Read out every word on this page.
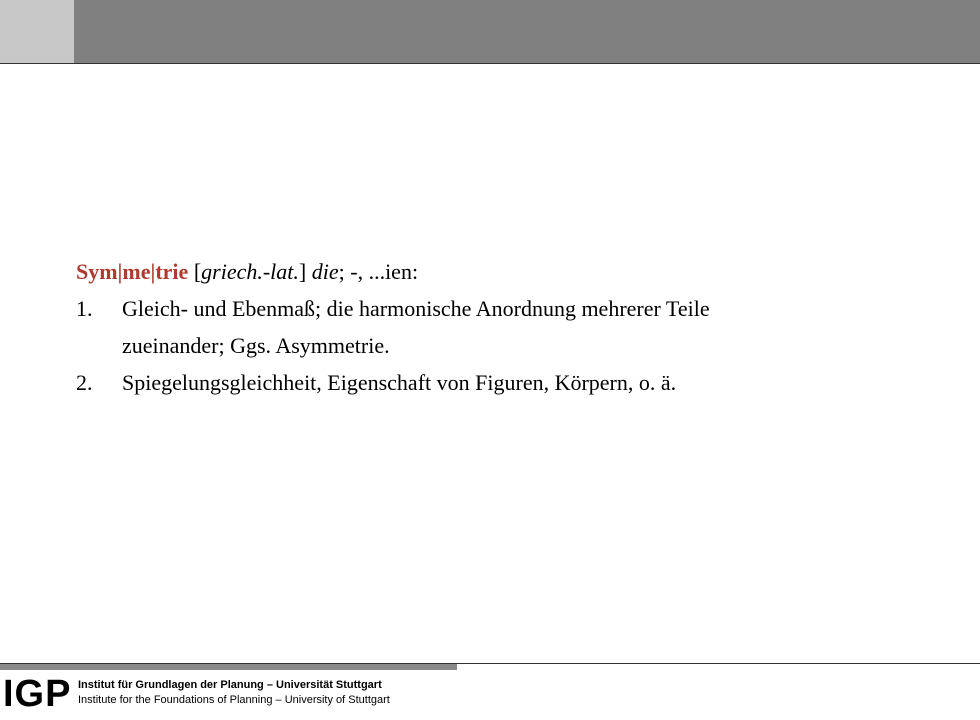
Sym|me|trie [griech.-lat.] die; -, ...ien:
1.	Gleich- und Ebenmaß; die harmonische Anordnung mehrerer Teile
zueinander; Ggs. Asymmetrie.
2.	Spiegelungsgleichheit, Eigenschaft von Figuren, Körpern, o. ä.
IGP Institut für Grundlagen der Planung – Universität Stuttgart
Institute for the Foundations of Planning – University of Stuttgart
